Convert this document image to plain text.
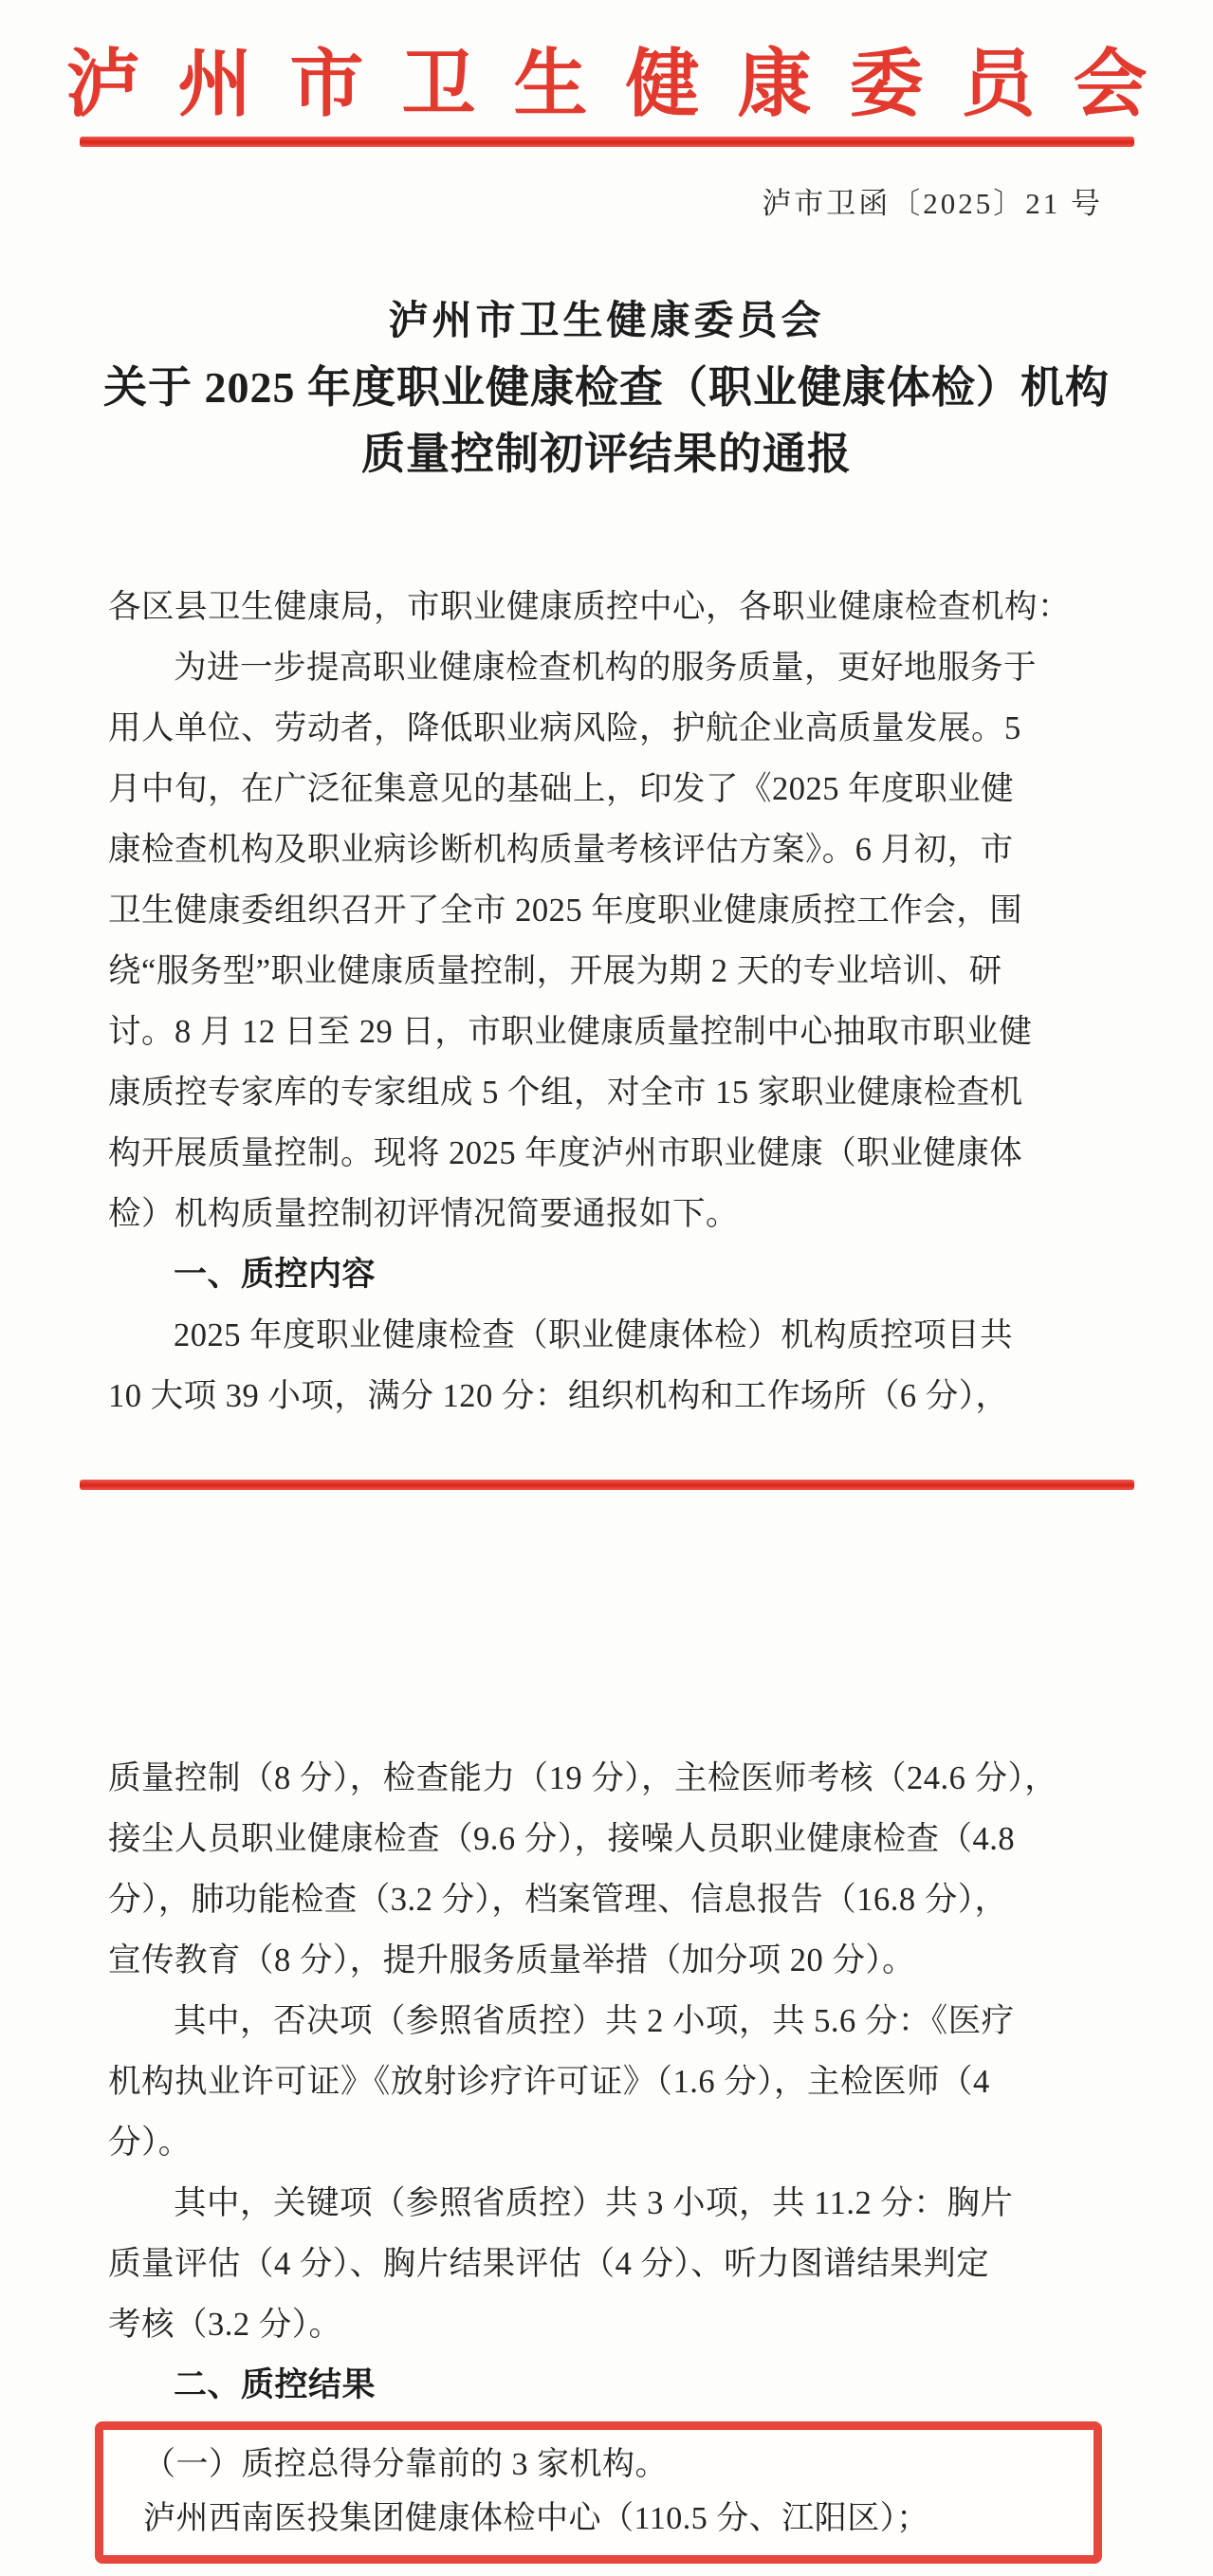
泸州市卫生健康委员会
泸市卫函〔2025〕21 号
泸州市卫生健康委员会
关于 2025 年度职业健康检查（职业健康体检）机构
质量控制初评结果的通报
各区县卫生健康局，市职业健康质控中心，各职业健康检查机构：
为进一步提高职业健康检查机构的服务质量，更好地服务于
用人单位、劳动者，降低职业病风险，护航企业高质量发展。5
月中旬，在广泛征集意见的基础上，印发了《2025 年度职业健
康检查机构及职业病诊断机构质量考核评估方案》。6 月初，市
卫生健康委组织召开了全市 2025 年度职业健康质控工作会，围
绕“服务型”职业健康质量控制，开展为期 2 天的专业培训、研
讨。8 月 12 日至 29 日，市职业健康质量控制中心抽取市职业健
康质控专家库的专家组成 5 个组，对全市 15 家职业健康检查机
构开展质量控制。现将 2025 年度泸州市职业健康（职业健康体
检）机构质量控制初评情况简要通报如下。
一、质控内容
2025 年度职业健康检查（职业健康体检）机构质控项目共
10 大项 39 小项，满分 120 分：组织机构和工作场所（6 分），
质量控制（8 分），检查能力（19 分），主检医师考核（24.6 分），
接尘人员职业健康检查（9.6 分），接噪人员职业健康检查（4.8
分），肺功能检查（3.2 分），档案管理、信息报告（16.8 分），
宣传教育（8 分），提升服务质量举措（加分项 20 分）。
其中，否决项（参照省质控）共 2 小项，共 5.6 分：《医疗
机构执业许可证》《放射诊疗许可证》（1.6 分），主检医师（4
分）。
其中，关键项（参照省质控）共 3 小项，共 11.2 分：胸片
质量评估（4 分）、胸片结果评估（4 分）、听力图谱结果判定
考核（3.2 分）。
二、质控结果
（一）质控总得分靠前的 3 家机构。
泸州西南医投集团健康体检中心（110.5 分、江阳区）；
